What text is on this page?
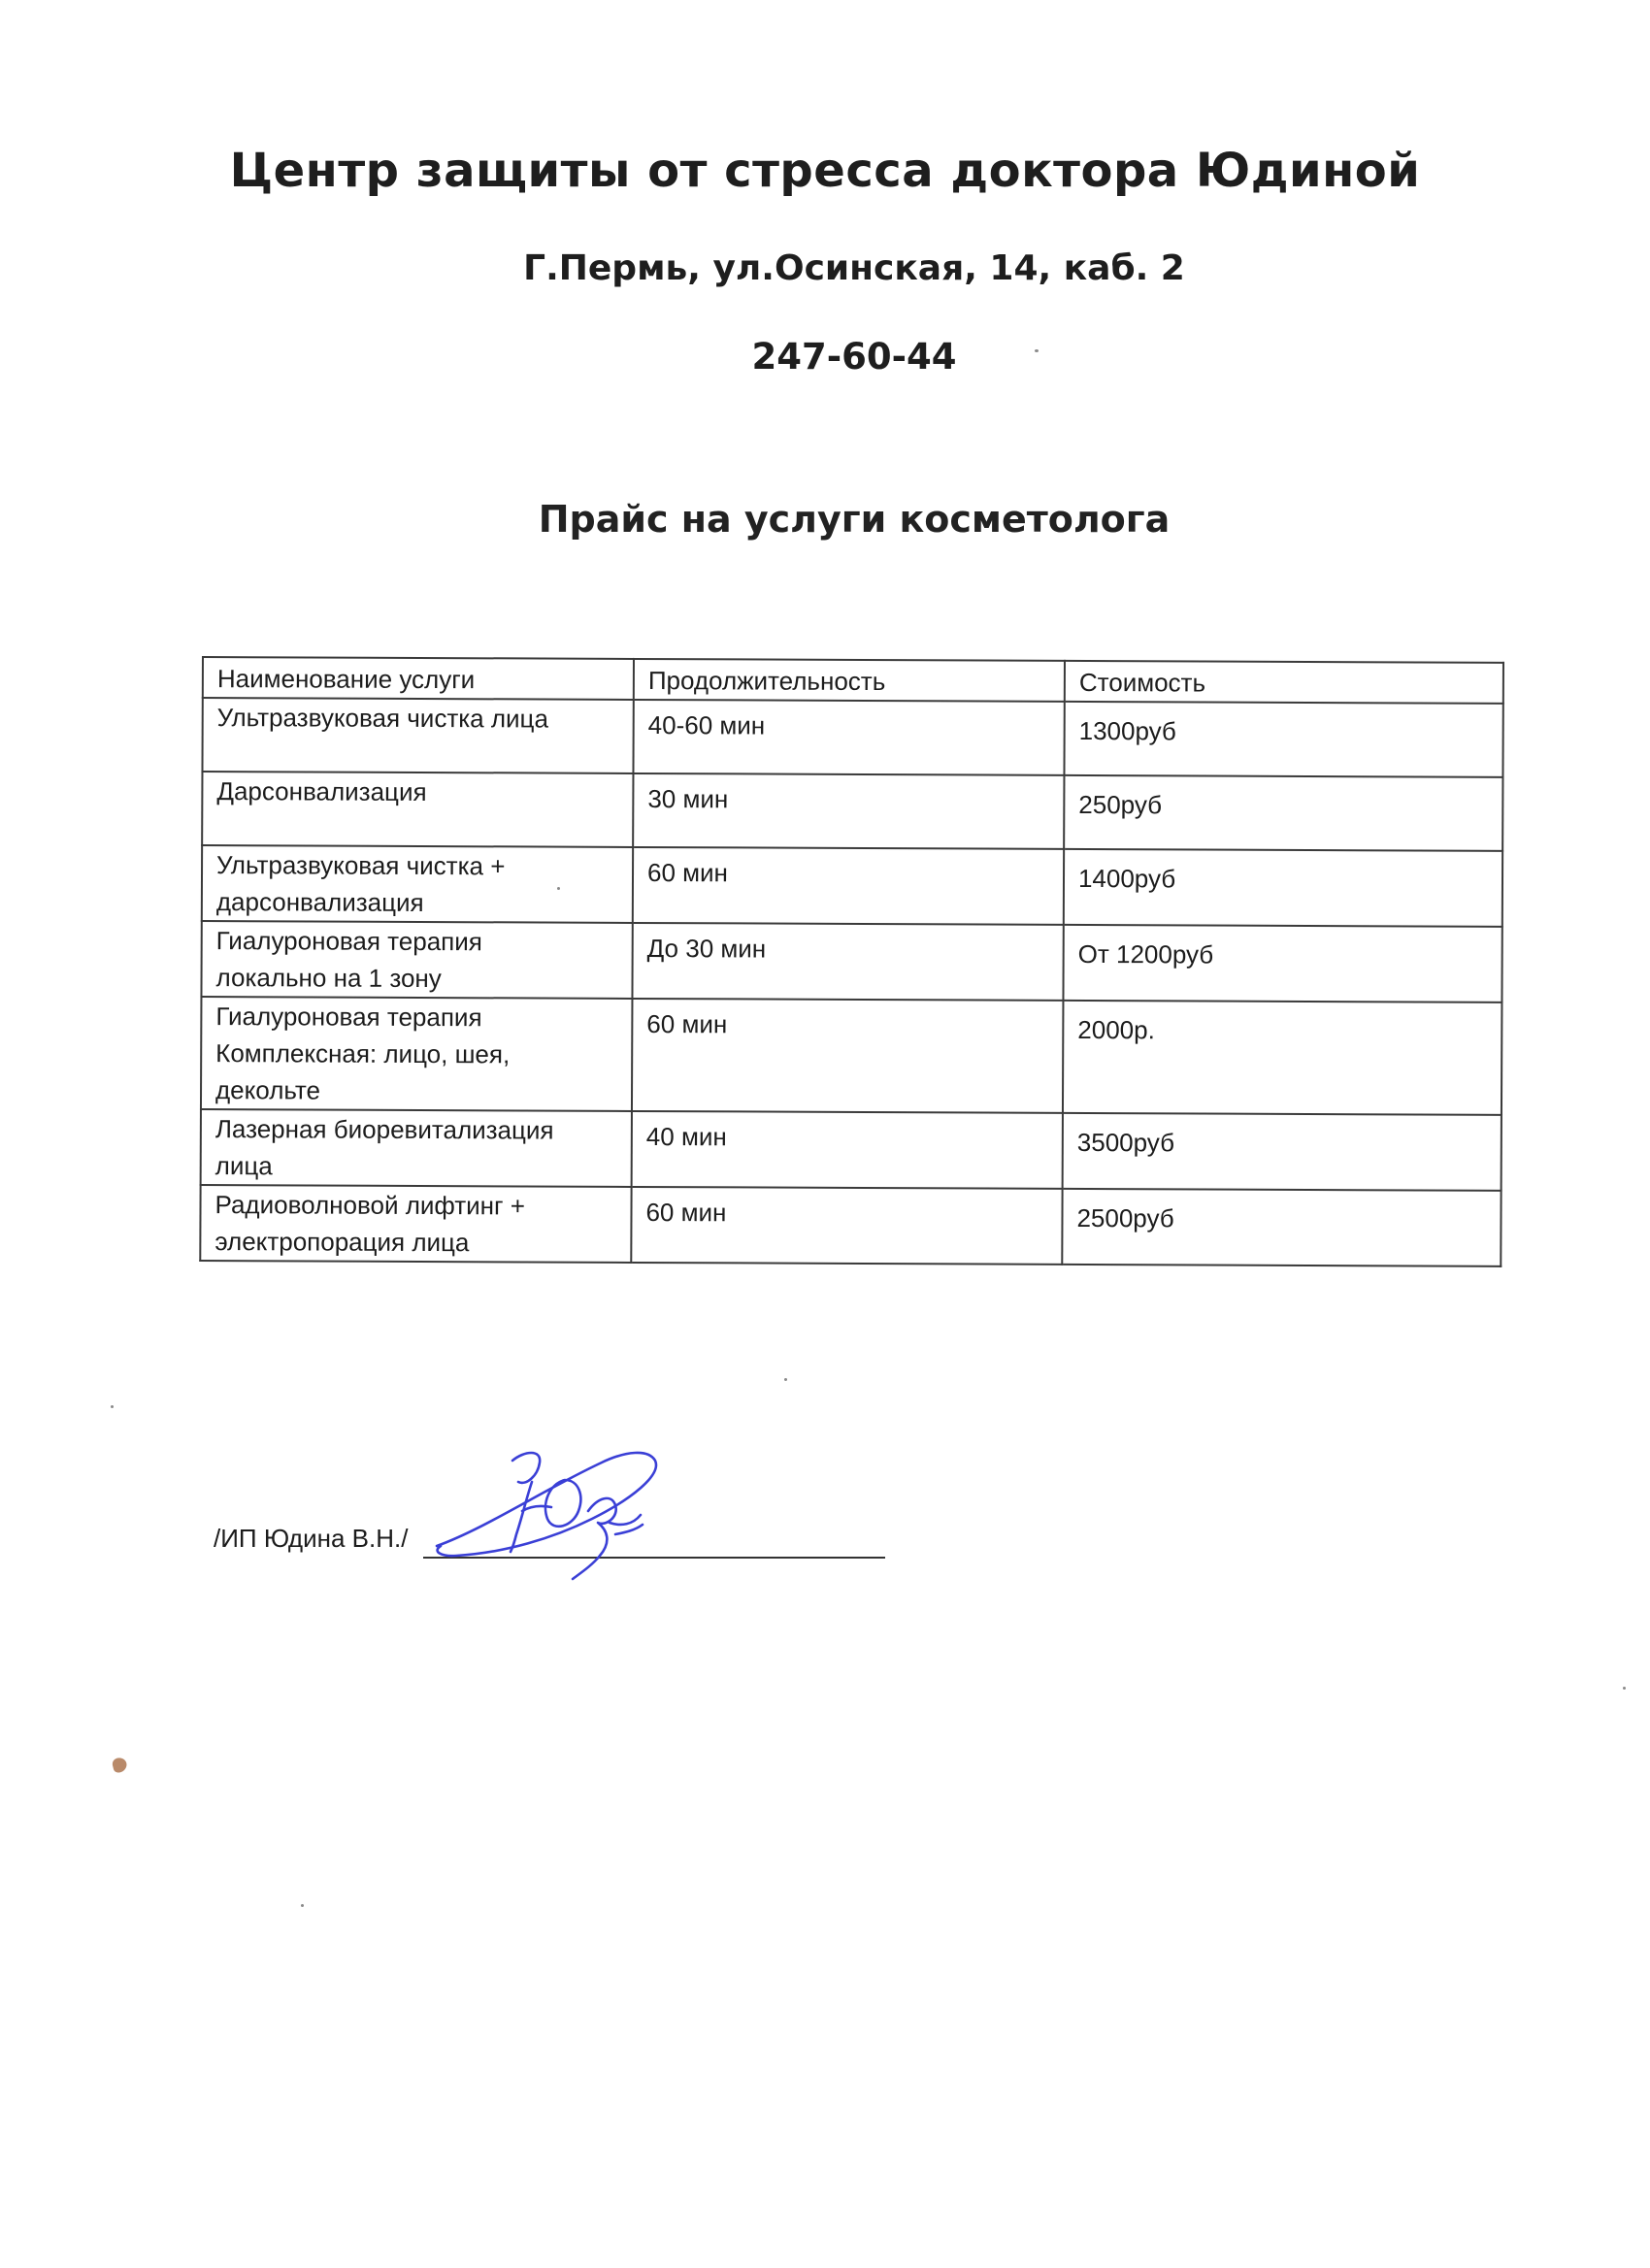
Центр защиты от стресса доктора Юдиной
Г.Пермь, ул.Осинская, 14, каб. 2
247-60-44
Прайс на услуги косметолога
Наименование услуги	Продолжительность	Стоимость

Ультразвуковая чистка лица	40-60 мин	1300руб

Дарсонвализация	30 мин	250руб

Ультразвуковая чистка +
дарсонвализация	60 мин	1400руб

Гиалуроновая терапия
локально на 1 зону	До 30 мин	От 1200руб

Гиалуроновая терапия
Комплексная: лицо, шея,
декольте	60 мин	2000р.

Лазерная биоревитализация
лица	40 мин	3500руб

Радиоволновой лифтинг +
электропорация лица	60 мин	2500руб
/ИП Юдина В.Н./
